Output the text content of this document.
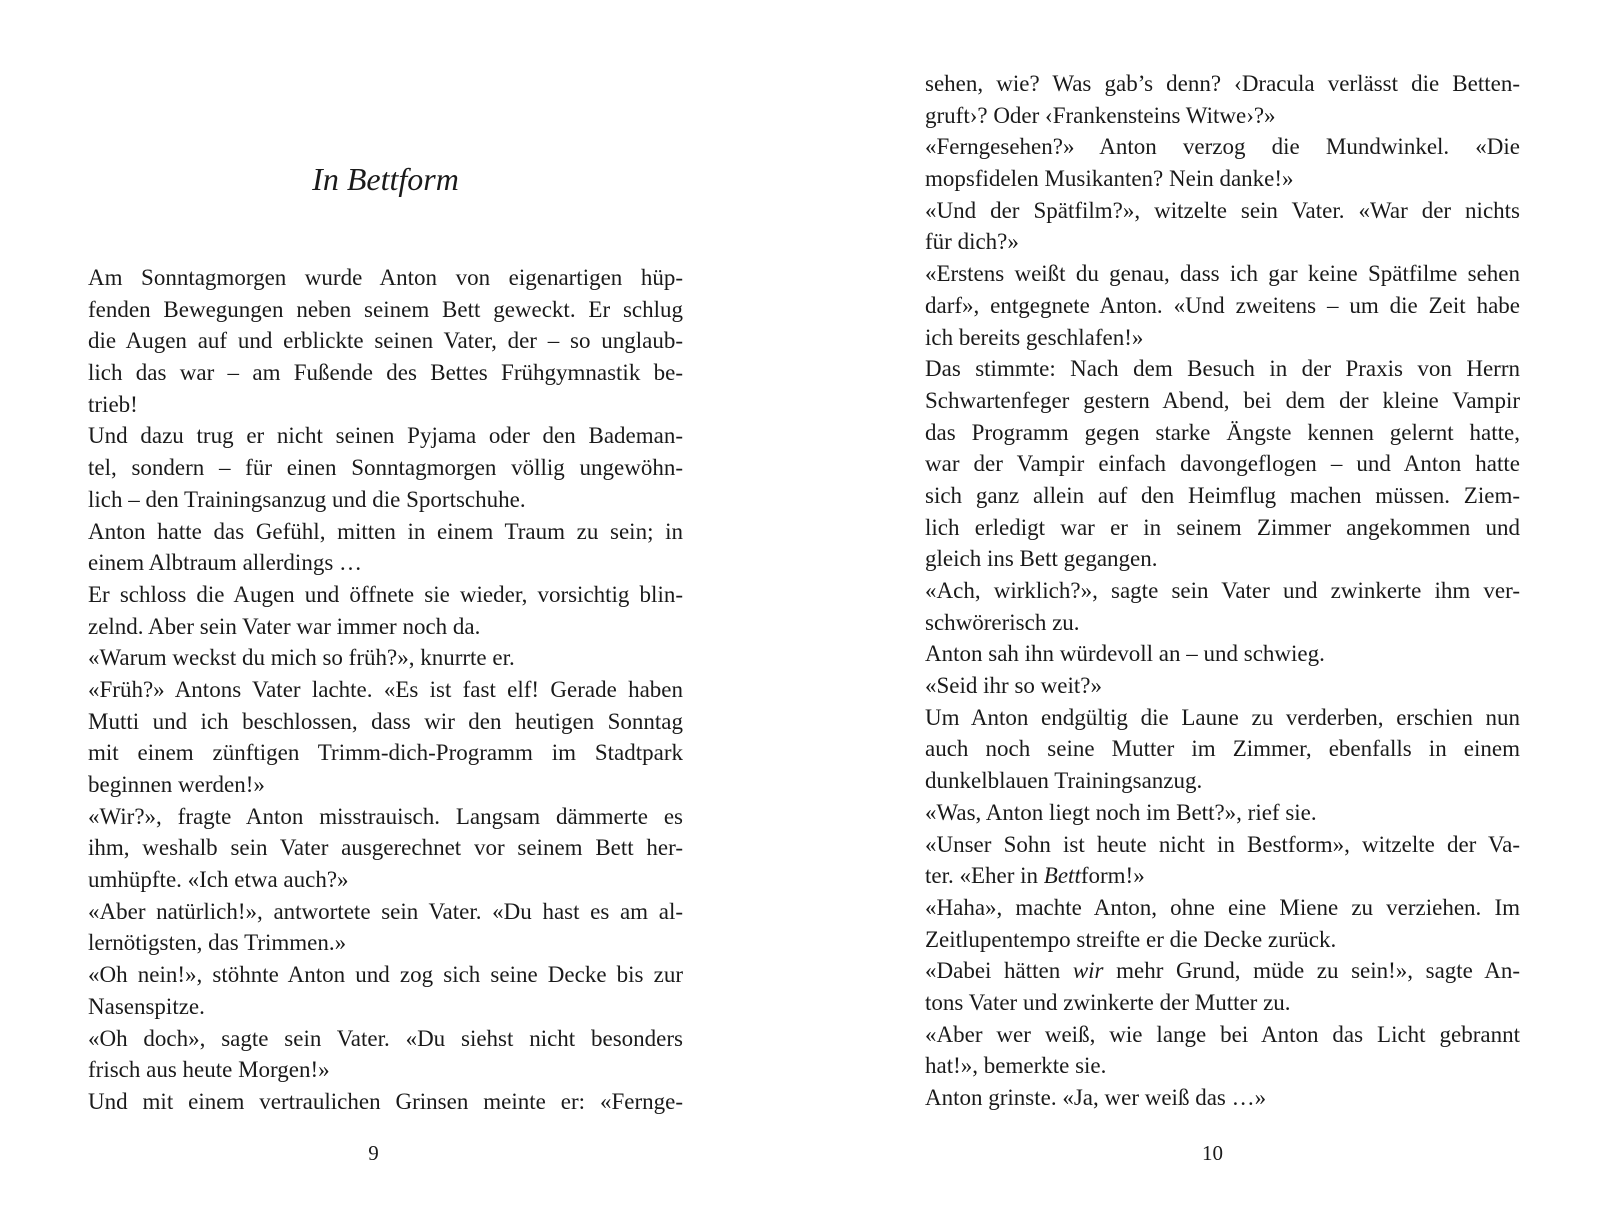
In Bettform
Am Sonntagmorgen wurde Anton von eigenartigen hüp-
fenden Bewegungen neben seinem Bett geweckt. Er schlug
die Augen auf und erblickte seinen Vater, der – so unglaub-
lich das war – am Fußende des Bettes Frühgymnastik be-
trieb!
Und dazu trug er nicht seinen Pyjama oder den Bademan-
tel, sondern – für einen Sonntagmorgen völlig ungewöhn-
lich – den Trainingsanzug und die Sportschuhe.
Anton hatte das Gefühl, mitten in einem Traum zu sein; in
einem Albtraum allerdings …
Er schloss die Augen und öffnete sie wieder, vorsichtig blin-
zelnd. Aber sein Vater war immer noch da.
«Warum weckst du mich so früh?», knurrte er.
«Früh?» Antons Vater lachte. «Es ist fast elf! Gerade haben
Mutti und ich beschlossen, dass wir den heutigen Sonntag
mit einem zünftigen Trimm-dich-Programm im Stadtpark
beginnen werden!»
«Wir?», fragte Anton misstrauisch. Langsam dämmerte es
ihm, weshalb sein Vater ausgerechnet vor seinem Bett her-
umhüpfte. «Ich etwa auch?»
«Aber natürlich!», antwortete sein Vater. «Du hast es am al-
lernötigsten, das Trimmen.»
«Oh nein!», stöhnte Anton und zog sich seine Decke bis zur
Nasenspitze.
«Oh doch», sagte sein Vater. «Du siehst nicht besonders
frisch aus heute Morgen!»
Und mit einem vertraulichen Grinsen meinte er: «Fernge-
9
sehen, wie? Was gab’s denn? ‹Dracula verlässt die Betten-
gruft›? Oder ‹Frankensteins Witwe›?»
«Ferngesehen?» Anton verzog die Mundwinkel. «Die
mopsfidelen Musikanten? Nein danke!»
«Und der Spätfilm?», witzelte sein Vater. «War der nichts
für dich?»
«Erstens weißt du genau, dass ich gar keine Spätfilme sehen
darf», entgegnete Anton. «Und zweitens – um die Zeit habe
ich bereits geschlafen!»
Das stimmte: Nach dem Besuch in der Praxis von Herrn
Schwartenfeger gestern Abend, bei dem der kleine Vampir
das Programm gegen starke Ängste kennen gelernt hatte,
war der Vampir einfach davongeflogen – und Anton hatte
sich ganz allein auf den Heimflug machen müssen. Ziem-
lich erledigt war er in seinem Zimmer angekommen und
gleich ins Bett gegangen.
«Ach, wirklich?», sagte sein Vater und zwinkerte ihm ver-
schwörerisch zu.
Anton sah ihn würdevoll an – und schwieg.
«Seid ihr so weit?»
Um Anton endgültig die Laune zu verderben, erschien nun
auch noch seine Mutter im Zimmer, ebenfalls in einem
dunkelblauen Trainingsanzug.
«Was, Anton liegt noch im Bett?», rief sie.
«Unser Sohn ist heute nicht in Bestform», witzelte der Va-
ter. «Eher in Bettform!»
«Haha», machte Anton, ohne eine Miene zu verziehen. Im
Zeitlupentempo streifte er die Decke zurück.
«Dabei hätten wir mehr Grund, müde zu sein!», sagte An-
tons Vater und zwinkerte der Mutter zu.
«Aber wer weiß, wie lange bei Anton das Licht gebrannt
hat!», bemerkte sie.
Anton grinste. «Ja, wer weiß das …»
10
